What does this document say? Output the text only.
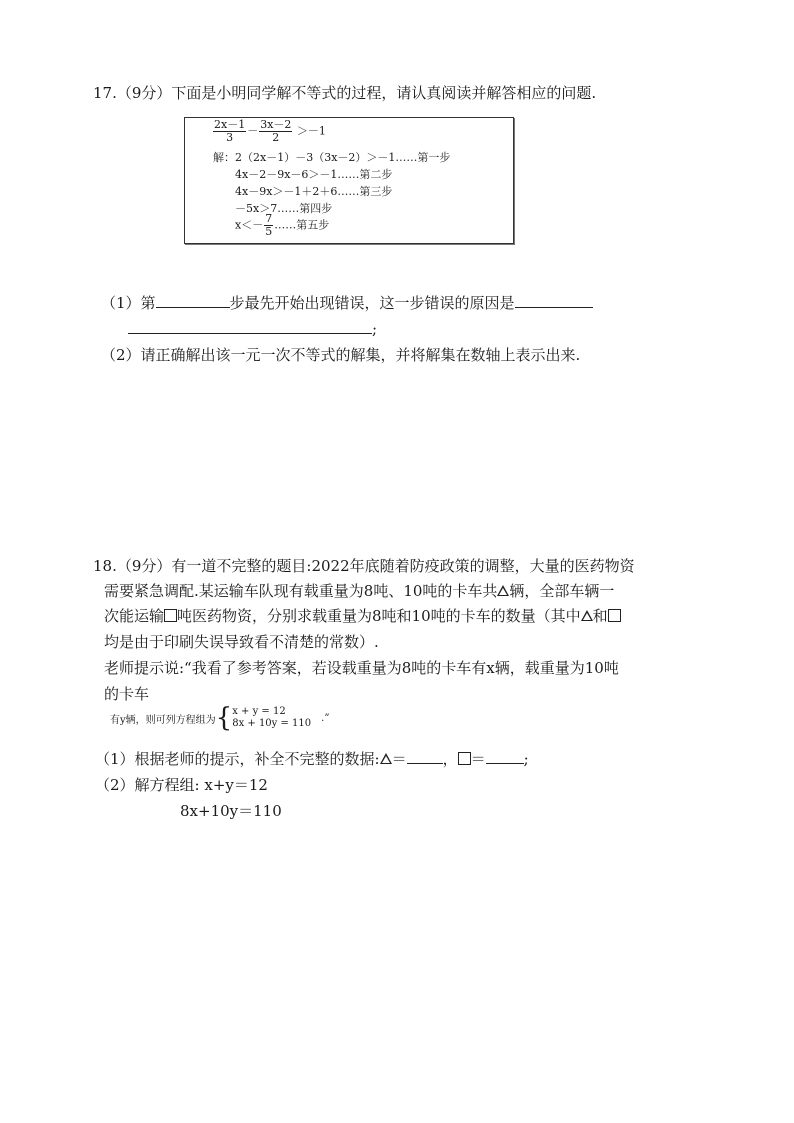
17.（9分）下面是小明同学解不等式的过程，请认真阅读并解答相应的问题.
$\frac{2x-1}{3} - \frac{3x-2}{2} >-1$
解：2（2x－1）－3（3x－2）＞－1……第一步
4x－2－9x－6＞－1……第二步
4x－9x＞－1＋2＋6……第三步
－5x＞7……第四步
$x<- \frac{7}{5}$ ……第五步
（1）第	步最先开始出现错误，这一步错误的原因是
;
（2）请正确解出该一元一次不等式的解集，并将解集在数轴上表示出来.
18.（9分）有一道不完整的题目:2022年底随着防疫政策的调整，大量的医药物资
需要紧急调配.某运输车队现有载重量为8吨、10吨的卡车共 辆，全部车辆一
次能运输 吨医药物资，分别求载重量为8吨和10吨的卡车的数量（其中 和
均是由于印刷失误导致看不清楚的常数）.
老师提示说:“我看了参考答案，若设载重量为8吨的卡车有x辆，载重量为10吨
的卡车
有y辆，则可列方程组为 { x + y = 12
8x + 10y = 110 .”
（1）根据老师的提示，补全不完整的数据: ＝ ， ＝	;
（2）解方程组: x+y＝12
8x+10y＝110
